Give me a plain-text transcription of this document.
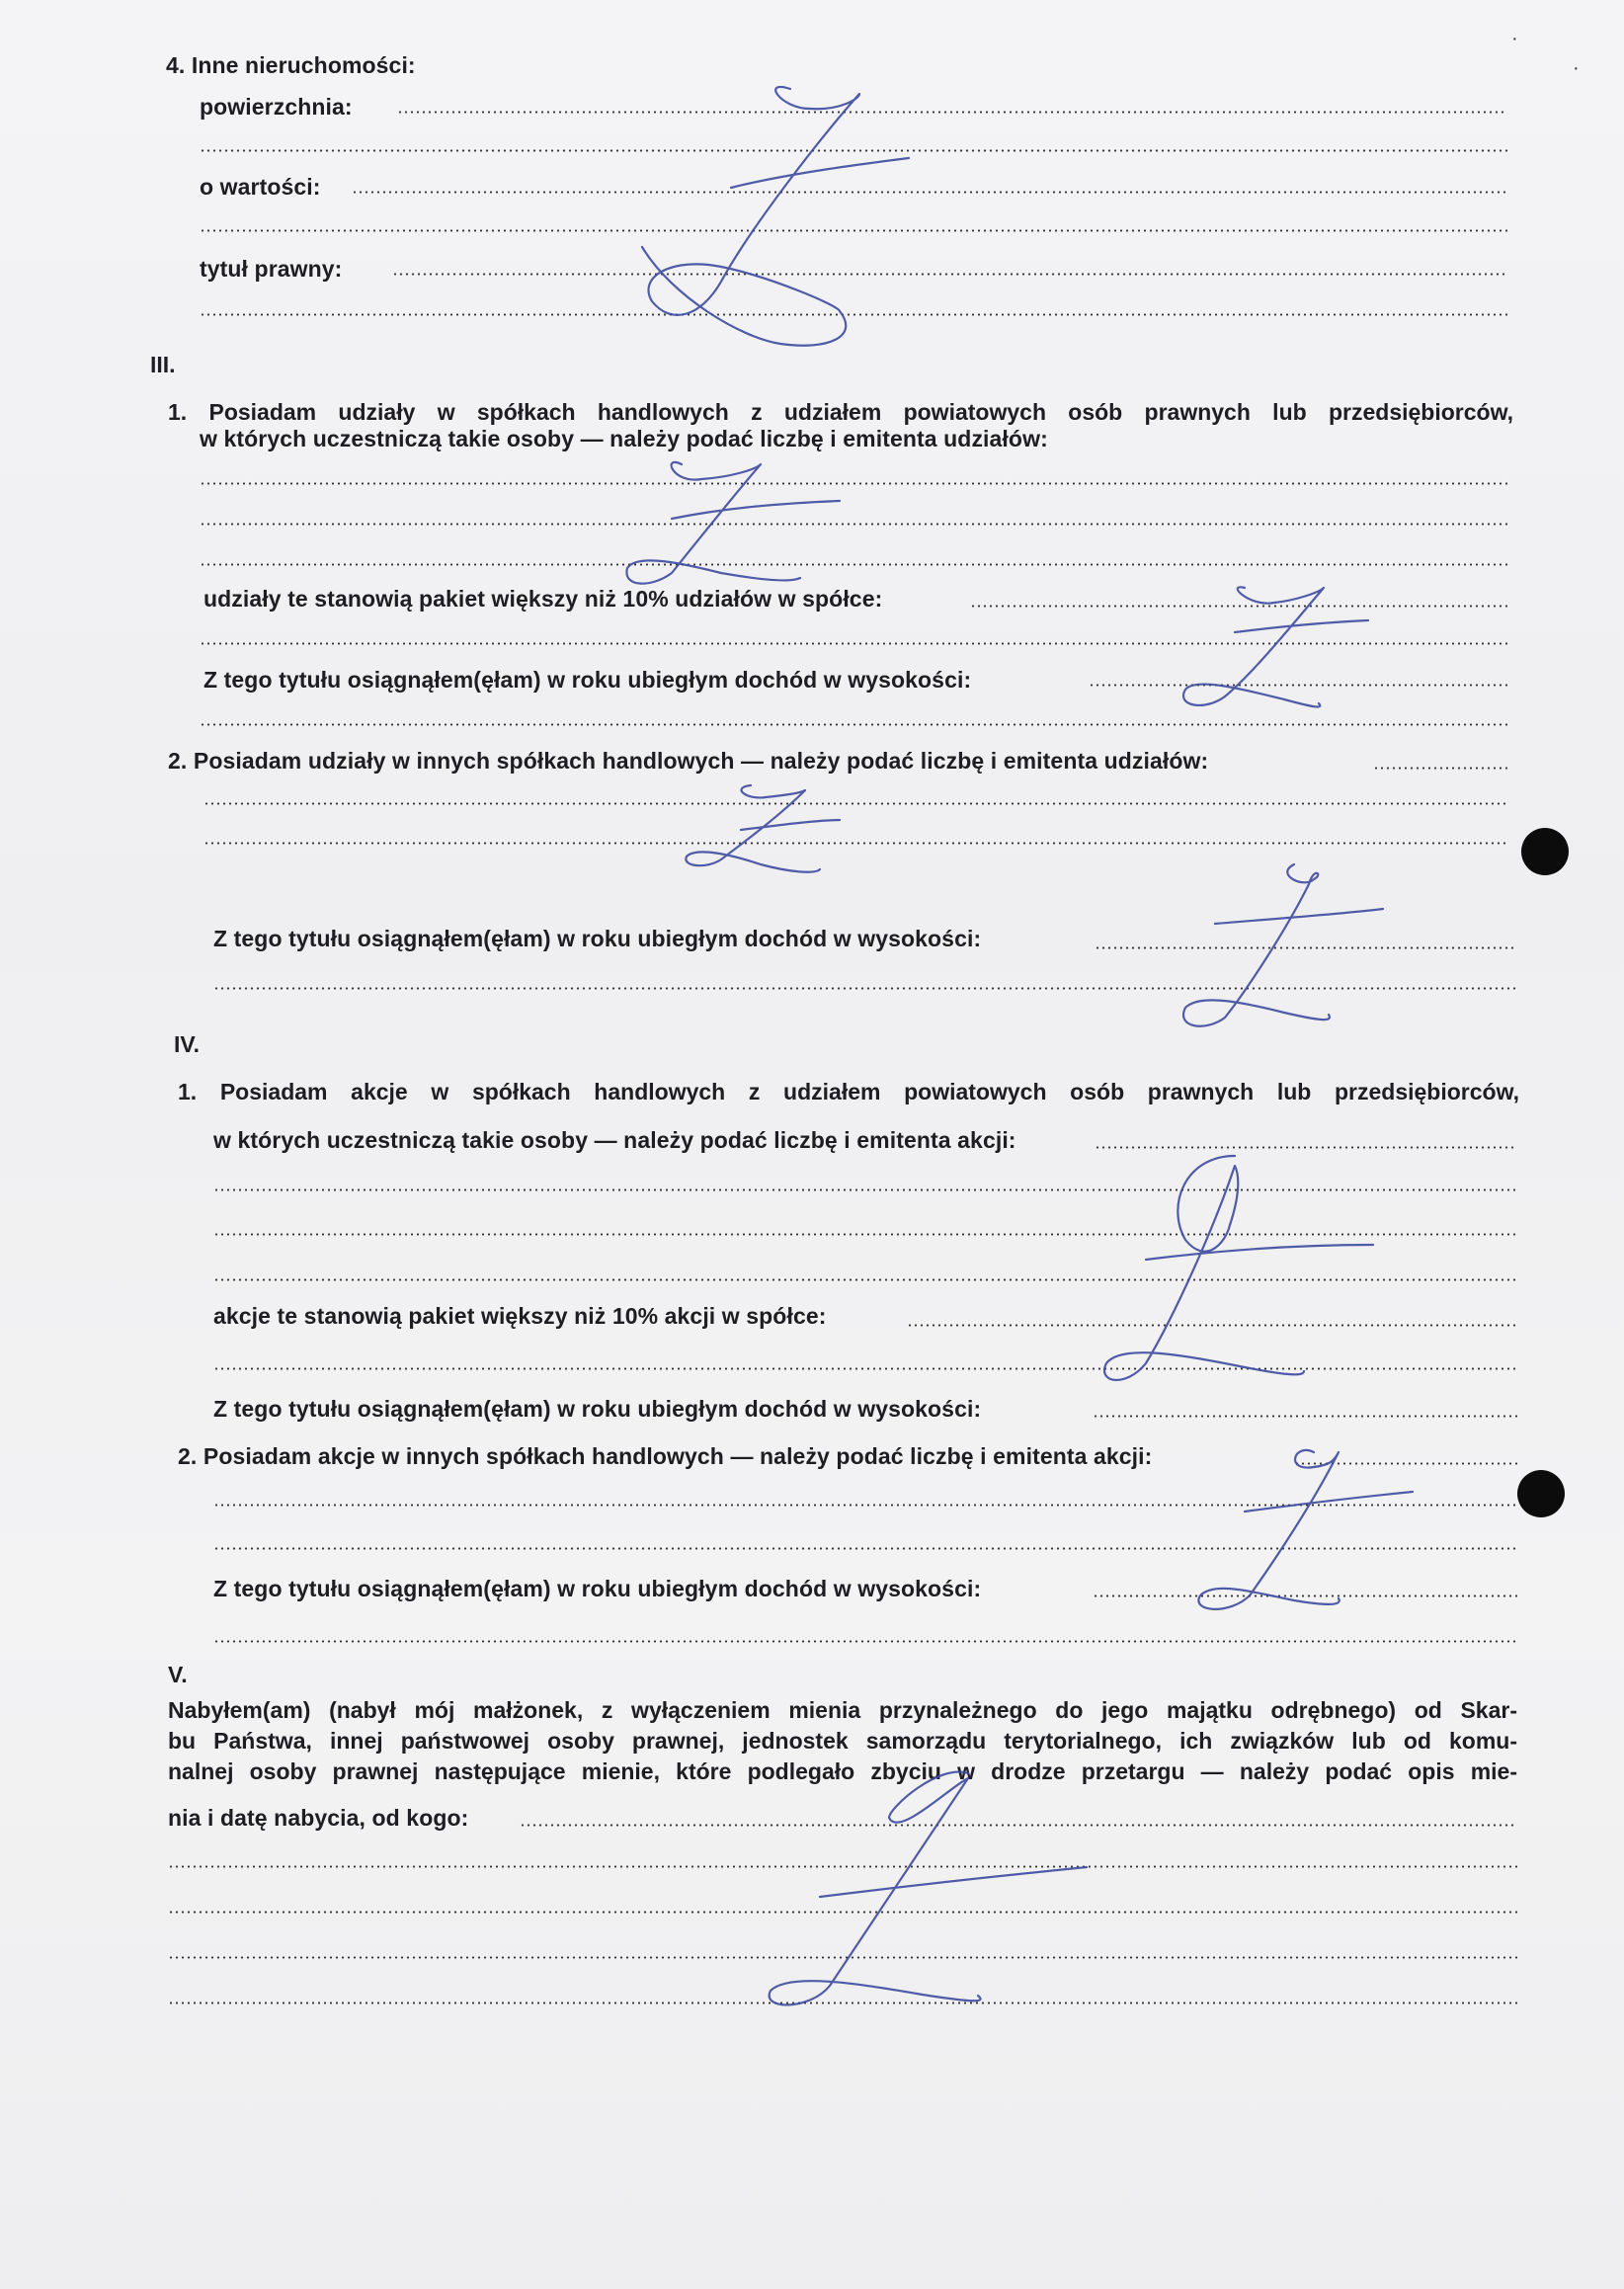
4. Inne nieruchomości:
powierzchnia:
o wartości:
tytuł prawny:
III.
1. Posiadam udziały w spółkach handlowych z udziałem powiatowych osób prawnych lub przedsiębiorców,
w których uczestniczą takie osoby — należy podać liczbę i emitenta udziałów:
udziały te stanowią pakiet większy niż 10% udziałów w spółce:
Z tego tytułu osiągnąłem(ęłam) w roku ubiegłym dochód w wysokości:
2. Posiadam udziały w innych spółkach handlowych — należy podać liczbę i emitenta udziałów:
Z tego tytułu osiągnąłem(ęłam) w roku ubiegłym dochód w wysokości:
IV.
1. Posiadam akcje w spółkach handlowych z udziałem powiatowych osób prawnych lub przedsiębiorców,
w których uczestniczą takie osoby — należy podać liczbę i emitenta akcji:
akcje te stanowią pakiet większy niż 10% akcji w spółce:
Z tego tytułu osiągnąłem(ęłam) w roku ubiegłym dochód w wysokości:
2. Posiadam akcje w innych spółkach handlowych — należy podać liczbę i emitenta akcji:
Z tego tytułu osiągnąłem(ęłam) w roku ubiegłym dochód w wysokości:
V.
Nabyłem(am) (nabył mój małżonek, z wyłączeniem mienia przynależnego do jego majątku odrębnego) od Skar-
bu Państwa, innej państwowej osoby prawnej, jednostek samorządu terytorialnego, ich związków lub od komu-
nalnej osoby prawnej następujące mienie, które podlegało zbyciu w drodze przetargu — należy podać opis mie-
nia i datę nabycia, od kogo:
·
·
